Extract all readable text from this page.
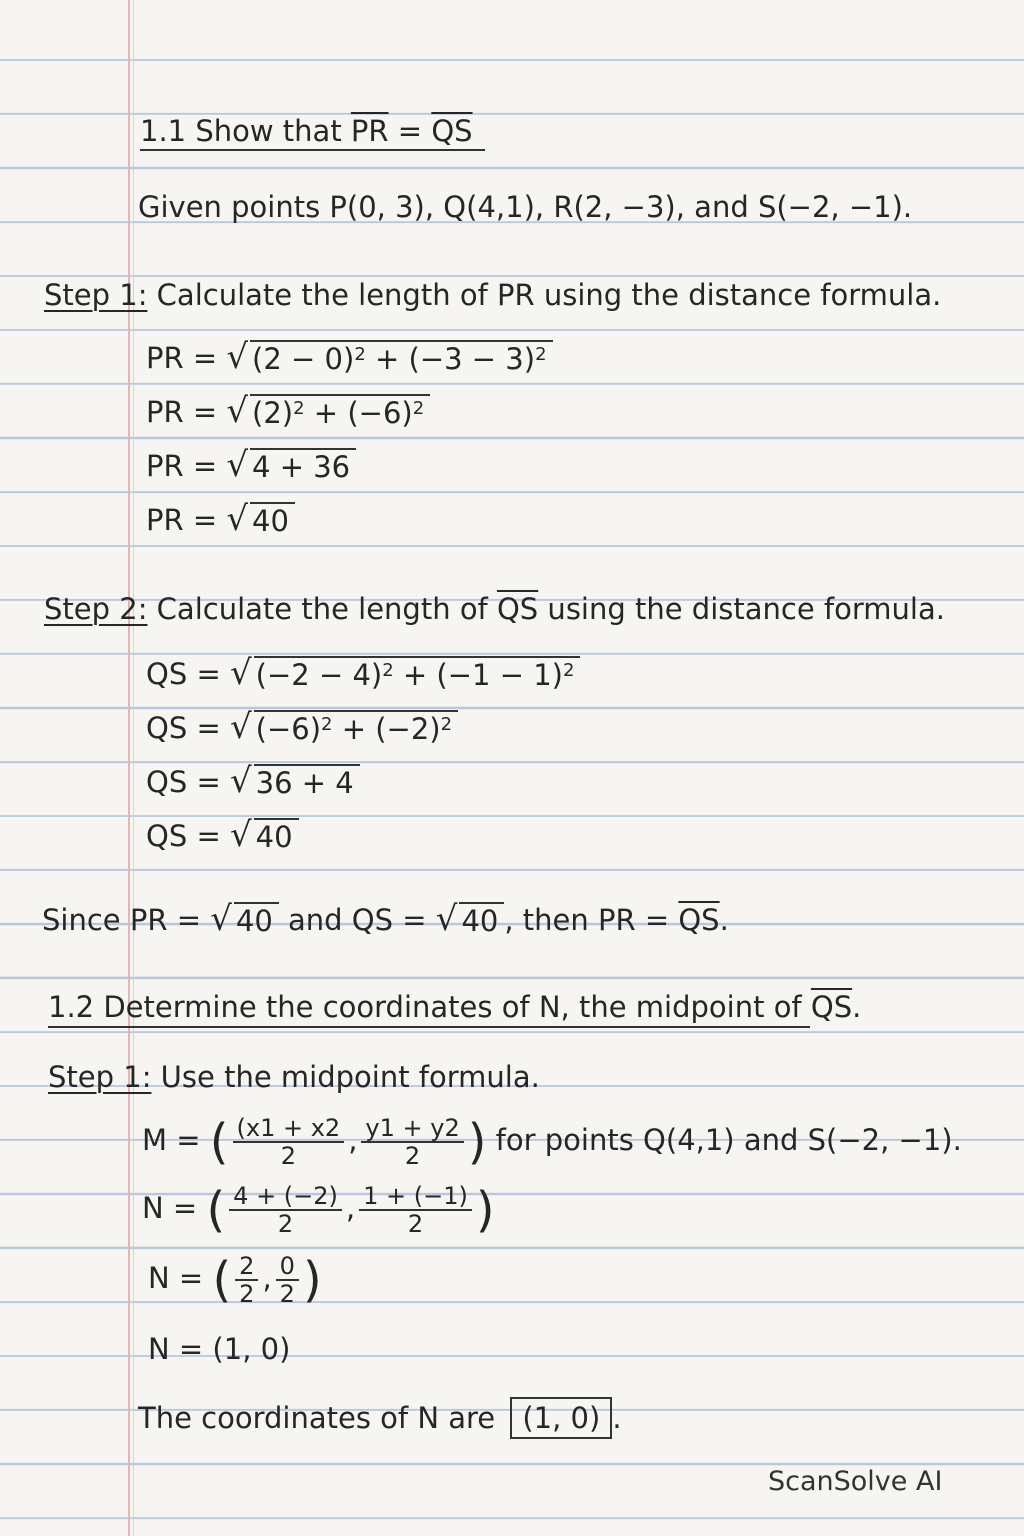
1.1 Show that $\overline{PR} = \overline{QS}$
Given points P(0, 3), Q(4,1), R(2, −3), and S(−2, −1).
Step 1: Calculate the length of PR using the distance formula.
PR = √ $(2 - 0)^2 + (-3 - 3)^2$
PR = √ $(2)^2 + (-6)^2$
PR = √ 4 + 36
PR = √ 40
Step 2: Calculate the length of $\overline{QS}$ using the distance formula.
QS = √ $(-2 - 4)^2 + (-1 - 1)^2$
QS = √ $(-6)^2 + (-2)^2$
QS = √ 36 + 4
QS = √ 40
Since PR = √ 40 and QS = √ 40 , then PR = $\overline{QS}$.
1.2 Determine the coordinates of N, the midpoint of $\overline{QS}$.
Step 1: Use the midpoint formula.
M = ( $\frac{(x1 + x2}{2}$ , $\frac{y1 + y2}{2}$ ) for points Q(4,1) and S(−2, −1).
N = ( $\frac{4 + (-2)}{2}$ , $\frac{1 + (-1)}{2}$ )
N = ( $\frac{2}{2}$ , $\frac{0}{2}$ )
N = (1, 0)
The coordinates of N are (1, 0) .
ScanSolve AI
